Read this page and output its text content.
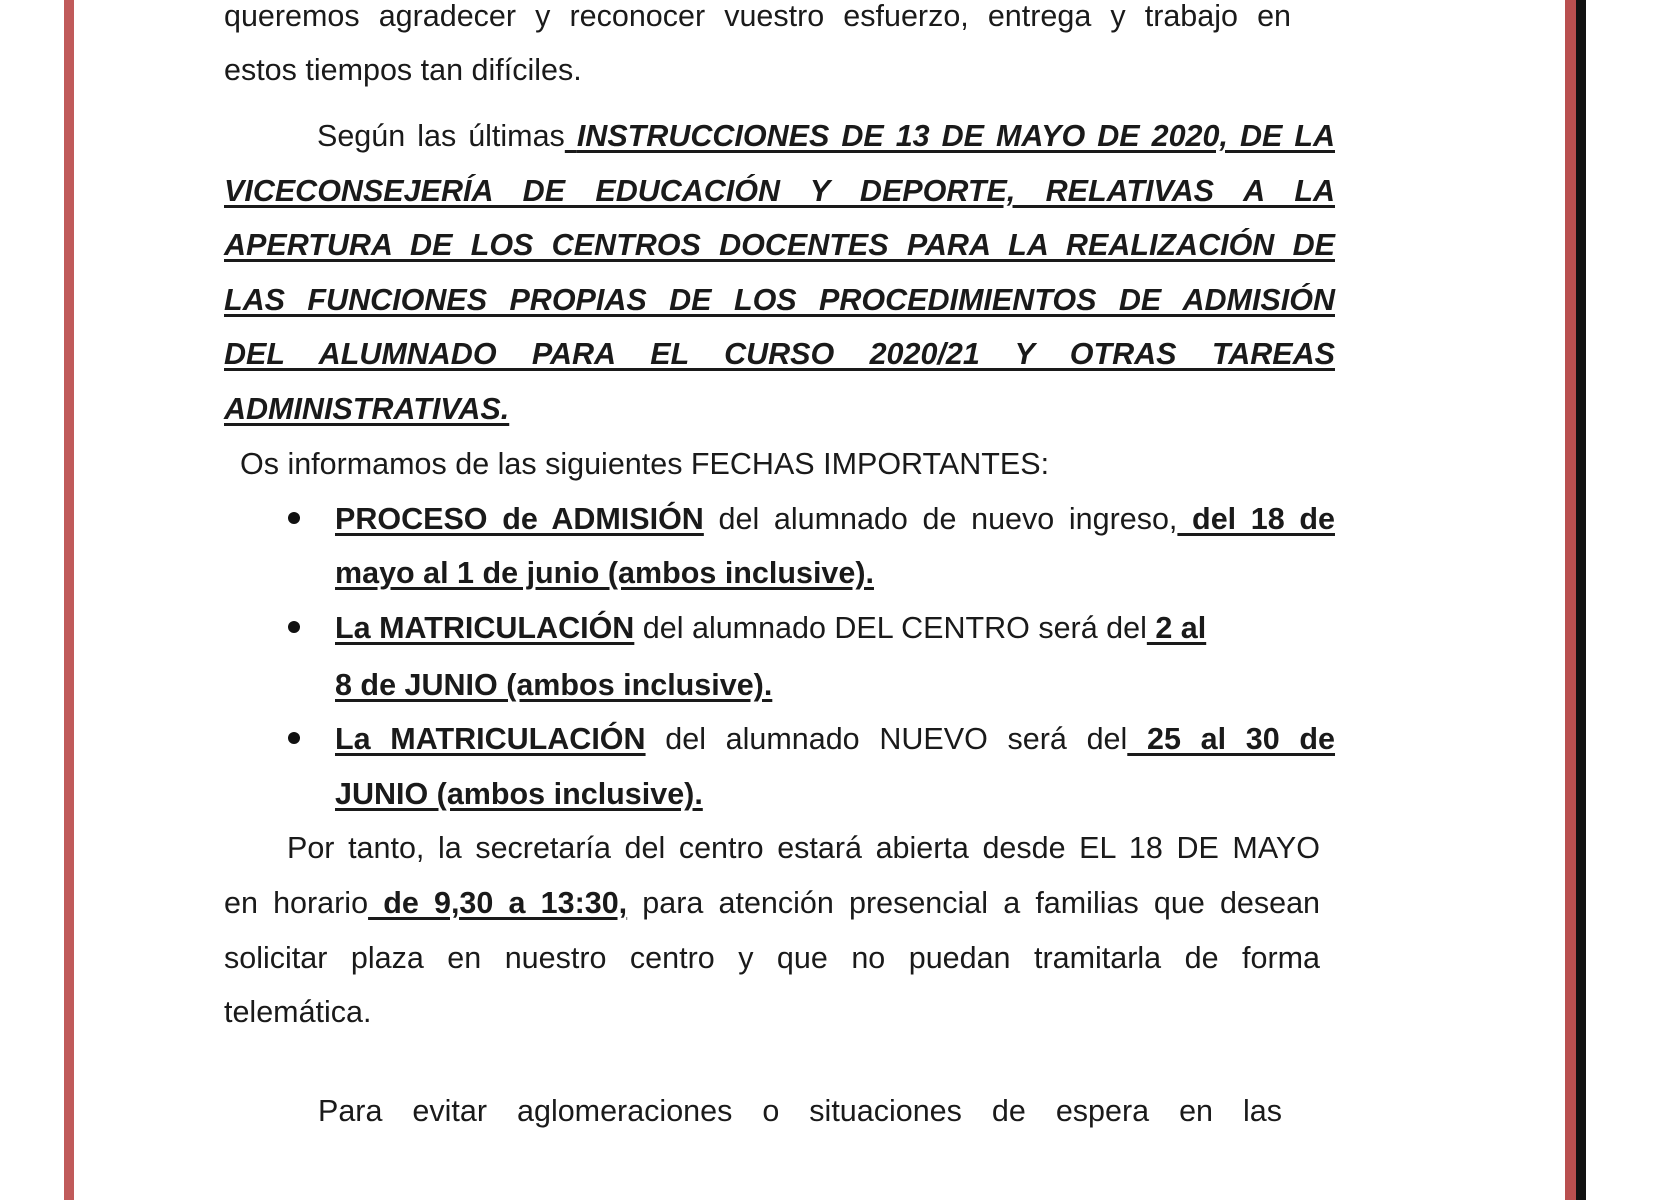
queremos agradecer y reconocer vuestro esfuerzo, entrega y trabajo en
estos tiempos tan difíciles.
Según las últimas INSTRUCCIONES DE 13 DE MAYO DE 2020, DE LA
VICECONSEJERÍA DE EDUCACIÓN Y DEPORTE, RELATIVAS A LA
APERTURA DE LOS CENTROS DOCENTES PARA LA REALIZACIÓN DE
LAS FUNCIONES PROPIAS DE LOS PROCEDIMIENTOS DE ADMISIÓN
DEL ALUMNADO PARA EL CURSO 2020/21 Y OTRAS TAREAS
ADMINISTRATIVAS.
Os informamos de las siguientes FECHAS IMPORTANTES:
PROCESO de ADMISIÓN del alumnado de nuevo ingreso, del 18 de
mayo al 1 de junio (ambos inclusive).
La MATRICULACIÓN del alumnado DEL CENTRO será del 2 al
8 de JUNIO (ambos inclusive).
La MATRICULACIÓN del alumnado NUEVO será del 25 al 30 de
JUNIO (ambos inclusive).
Por tanto, la secretaría del centro estará abierta desde EL 18 DE MAYO
en horario de 9,30 a 13:30, para atención presencial a familias que desean
solicitar plaza en nuestro centro y que no puedan tramitarla de forma
telemática.
Para evitar aglomeraciones o situaciones de espera en las
